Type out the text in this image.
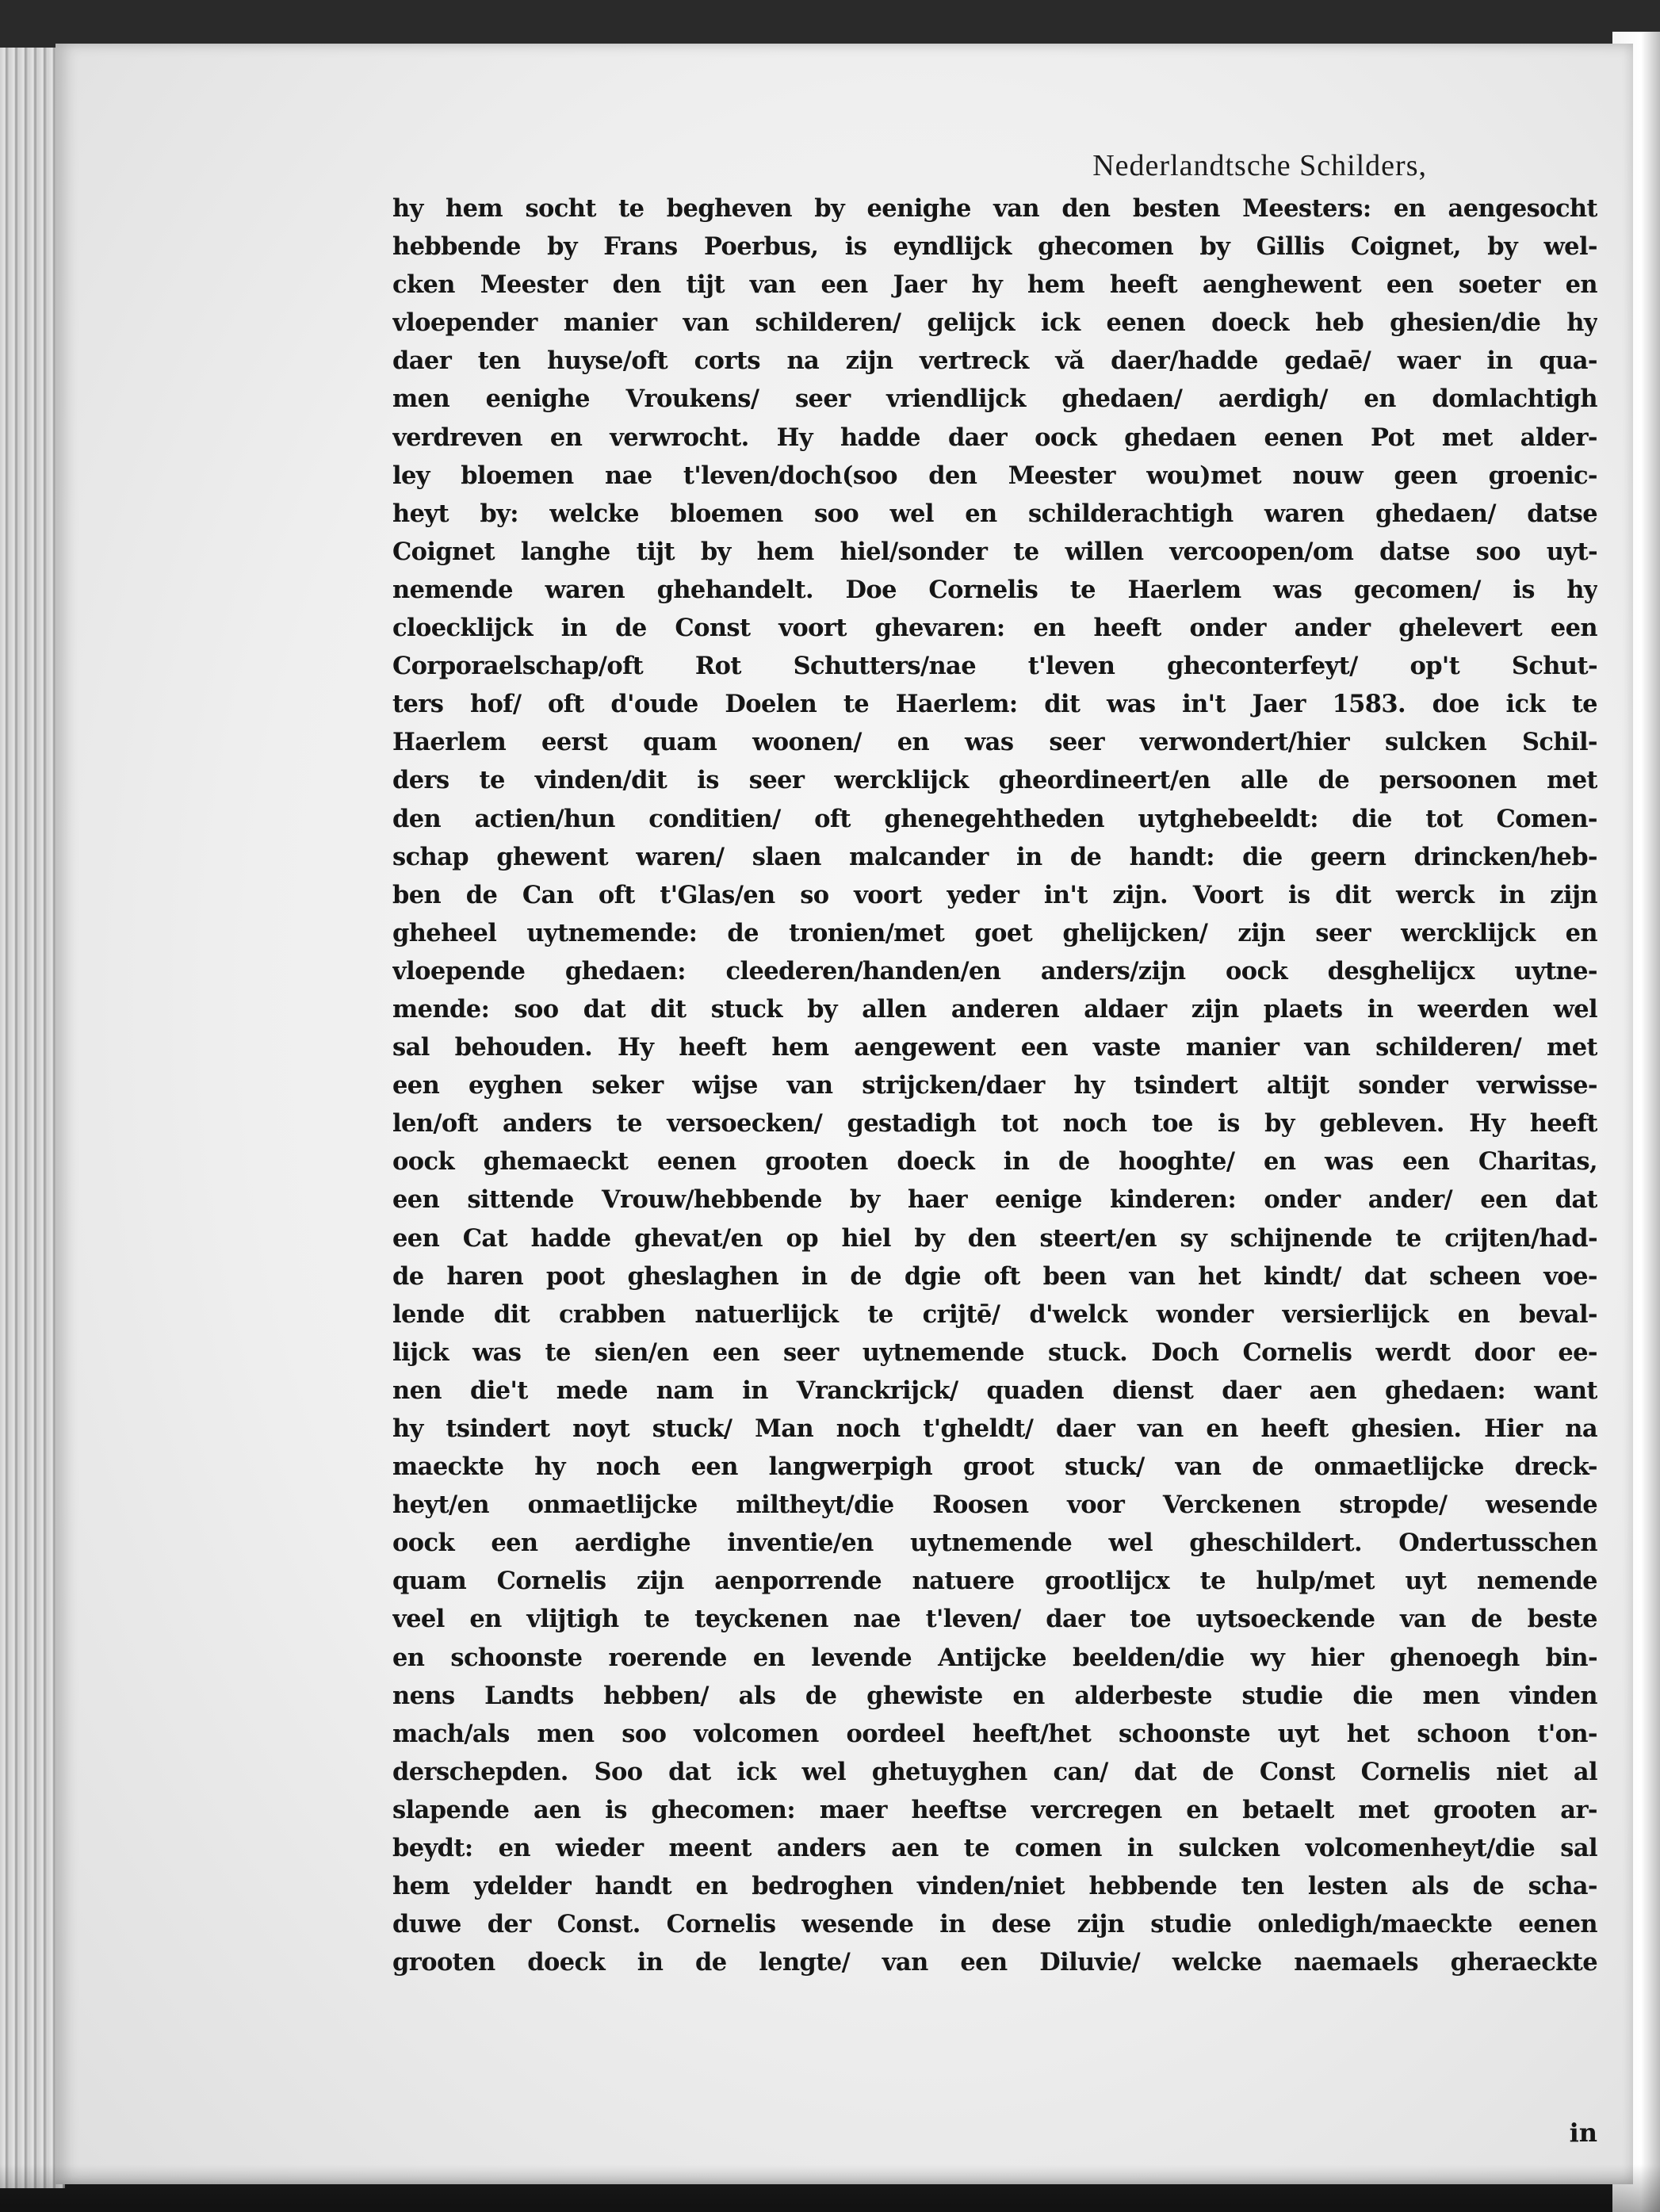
Nederlandtsche Schilders,
hy hem socht te begheven by eenighe van den besten Meesters: en aengesocht
hebbende by Frans Poerbus, is eyndlijck ghecomen by Gillis Coignet, by wel-
cken Meester den tijt van een Jaer hy hem heeft aenghewent een soeter en
vloepender manier van schilderen/ gelijck ick eenen doeck heb ghesien/die hy
daer ten huyse/oft corts na zijn vertreck vă daer/hadde gedaē/ waer in qua-
men eenighe Vroukens/ seer vriendlijck ghedaen/ aerdigh/ en domlachtigh
verdreven en verwrocht. Hy hadde daer oock ghedaen eenen Pot met alder-
ley bloemen nae t'leven/doch(soo den Meester wou)met nouw geen groenic-
heyt by: welcke bloemen soo wel en schilderachtigh waren ghedaen/ datse
Coignet langhe tijt by hem hiel/sonder te willen vercoopen/om datse soo uyt-
nemende waren ghehandelt. Doe Cornelis te Haerlem was gecomen/ is hy
cloecklijck in de Const voort ghevaren: en heeft onder ander ghelevert een
Corporaelschap/oft Rot Schutters/nae t'leven gheconterfeyt/ op't Schut-
ters hof/ oft d'oude Doelen te Haerlem: dit was in't Jaer 1583. doe ick te
Haerlem eerst quam woonen/ en was seer verwondert/hier sulcken Schil-
ders te vinden/dit is seer wercklijck gheordineert/en alle de persoonen met
den actien/hun conditien/ oft ghenegehtheden uytghebeeldt: die tot Comen-
schap ghewent waren/ slaen malcander in de handt: die geern drincken/heb-
ben de Can oft t'Glas/en so voort yeder in't zijn. Voort is dit werck in zijn
gheheel uytnemende: de tronien/met goet ghelijcken/ zijn seer wercklijck en
vloepende ghedaen: cleederen/handen/en anders/zijn oock desghelijcx uytne-
mende: soo dat dit stuck by allen anderen aldaer zijn plaets in weerden wel
sal behouden. Hy heeft hem aengewent een vaste manier van schilderen/ met
een eyghen seker wijse van strijcken/daer hy tsindert altijt sonder verwisse-
len/oft anders te versoecken/ gestadigh tot noch toe is by gebleven. Hy heeft
oock ghemaeckt eenen grooten doeck in de hooghte/ en was een Charitas,
een sittende Vrouw/hebbende by haer eenige kinderen: onder ander/ een dat
een Cat hadde ghevat/en op hiel by den steert/en sy schijnende te crijten/had-
de haren poot gheslaghen in de dgie oft been van het kindt/ dat scheen voe-
lende dit crabben natuerlijck te crijtē/ d'welck wonder versierlijck en beval-
lijck was te sien/en een seer uytnemende stuck. Doch Cornelis werdt door ee-
nen die't mede nam in Vranckrijck/ quaden dienst daer aen ghedaen: want
hy tsindert noyt stuck/ Man noch t'gheldt/ daer van en heeft ghesien. Hier na
maeckte hy noch een langwerpigh groot stuck/ van de onmaetlijcke dreck-
heyt/en onmaetlijcke miltheyt/die Roosen voor Verckenen stropde/ wesende
oock een aerdighe inventie/en uytnemende wel gheschildert. Ondertusschen
quam Cornelis zijn aenporrende natuere grootlijcx te hulp/met uyt nemende
veel en vlijtigh te teyckenen nae t'leven/ daer toe uytsoeckende van de beste
en schoonste roerende en levende Antijcke beelden/die wy hier ghenoegh bin-
nens Landts hebben/ als de ghewiste en alderbeste studie die men vinden
mach/als men soo volcomen oordeel heeft/het schoonste uyt het schoon t'on-
derschepden. Soo dat ick wel ghetuyghen can/ dat de Const Cornelis niet al
slapende aen is ghecomen: maer heeftse vercregen en betaelt met grooten ar-
beydt: en wieder meent anders aen te comen in sulcken volcomenheyt/die sal
hem ydelder handt en bedroghen vinden/niet hebbende ten lesten als de scha-
duwe der Const. Cornelis wesende in dese zijn studie onledigh/maeckte eenen
grooten doeck in de lengte/ van een Diluvie/ welcke naemaels gheraeckte
in
